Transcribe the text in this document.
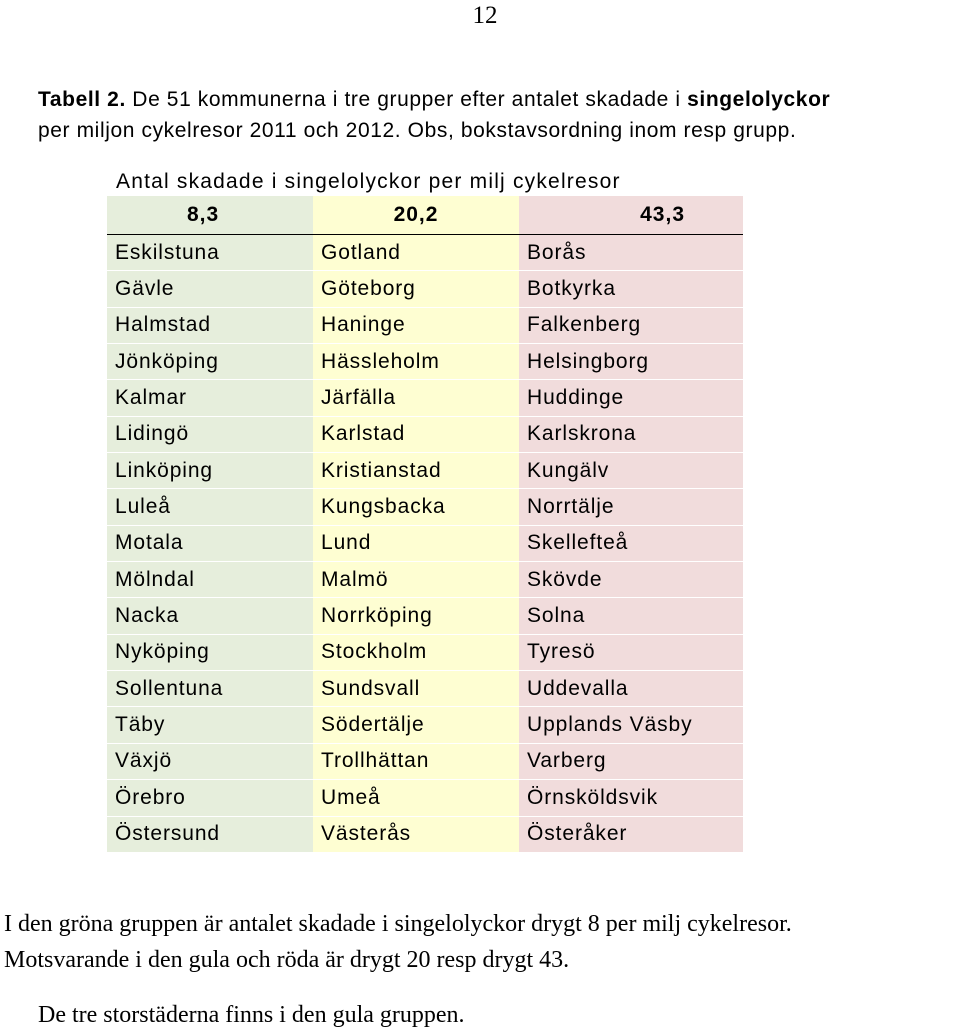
12
Tabell 2. De 51 kommunerna i tre grupper efter antalet skadade i singelolyckor
per miljon cykelresor 2011 och 2012. Obs, bokstavsordning inom resp grupp.
Antal skadade i singelolyckor per milj cykelresor
8,3	20,2	43,3
Eskilstuna	Gotland	Borås
Gävle	Göteborg	Botkyrka
Halmstad	Haninge	Falkenberg
Jönköping	Hässleholm	Helsingborg
Kalmar	Järfälla	Huddinge
Lidingö	Karlstad	Karlskrona
Linköping	Kristianstad	Kungälv
Luleå	Kungsbacka	Norrtälje
Motala	Lund	Skellefteå
Mölndal	Malmö	Skövde
Nacka	Norrköping	Solna
Nyköping	Stockholm	Tyresö
Sollentuna	Sundsvall	Uddevalla
Täby	Södertälje	Upplands Väsby
Växjö	Trollhättan	Varberg
Örebro	Umeå	Örnsköldsvik
Östersund	Västerås	Österåker
I den gröna gruppen är antalet skadade i singelolyckor drygt 8 per milj cykelresor.
Motsvarande i den gula och röda är drygt 20 resp drygt 43.
De tre storstäderna finns i den gula gruppen.
